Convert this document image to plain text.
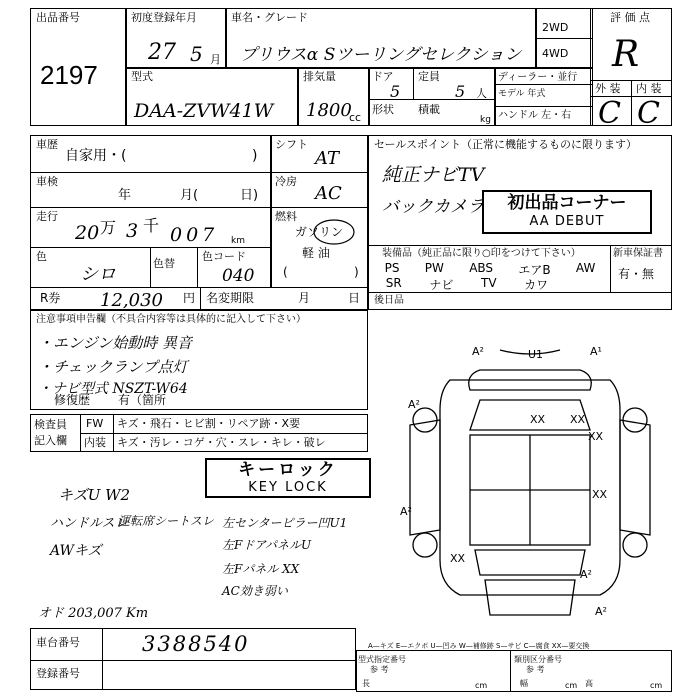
出品番号
2197
初度登録年月
27 5 月
車名・グレード
プリウスα Sツーリングセレクション
2WD
4WD
評 価 点
R
外 装 内 装
C C
型式
DAA-ZVW41W
排気量
1800
cc
ドア
5
定員
5 人
形状 積載
kg
ディーラー・並行
モデル 年式
ハンドル 左・右
車歴
自家用・(	)
車検
年	月(	日)
シフト
AT
冷房
AC
燃料
ガソリン
軽 油
(	)
走行
20 万 3 千 007 km
色
シロ
色替
色コード
040
R券 12,030 円 名変期限	月	日
セールスポイント（正常に機能するものに限ります）
純正ナビTV
バックカメラ	初出品コーナー
AA DEBUT
装備品（純正品に限り○印をつけて下さい）	新車保証書
有・無
PS PW ABS エアB AW
SR ナビ TV カワ
後日品
注意事項申告欄（不具合内容等は具体的に記入して下さい）
・エンジン始動時 異音
・チェックランプ点灯
・ナビ型式 NSZT-W64
修復歴 有（箇所
検査員
記入欄
FW キズ・飛石・ヒビ割・リペア跡・X要
内装 キズ・汚レ・コゲ・穴・スレ・キレ・破レ
キーロック
KEY LOCK
キズU W2
ハンドルスレ
運転席シートスレ
AWキズ
左センターピラー凹U1
左FドアパネルU
左Fパネル XX
AC効き弱い
オド 203,007 Km
A²	U1	A¹
A²
XX
XX
XX
XX
A²
XX
A²
A²
車台番号	3388540
登録番号
A—キズ E—エクボ U—凹み W—補修跡 S—サビ C—腐食 XX—要交換
型式指定番号
参 考
類別区分番号
参 考
長	cm	幅	cm 高	cm
